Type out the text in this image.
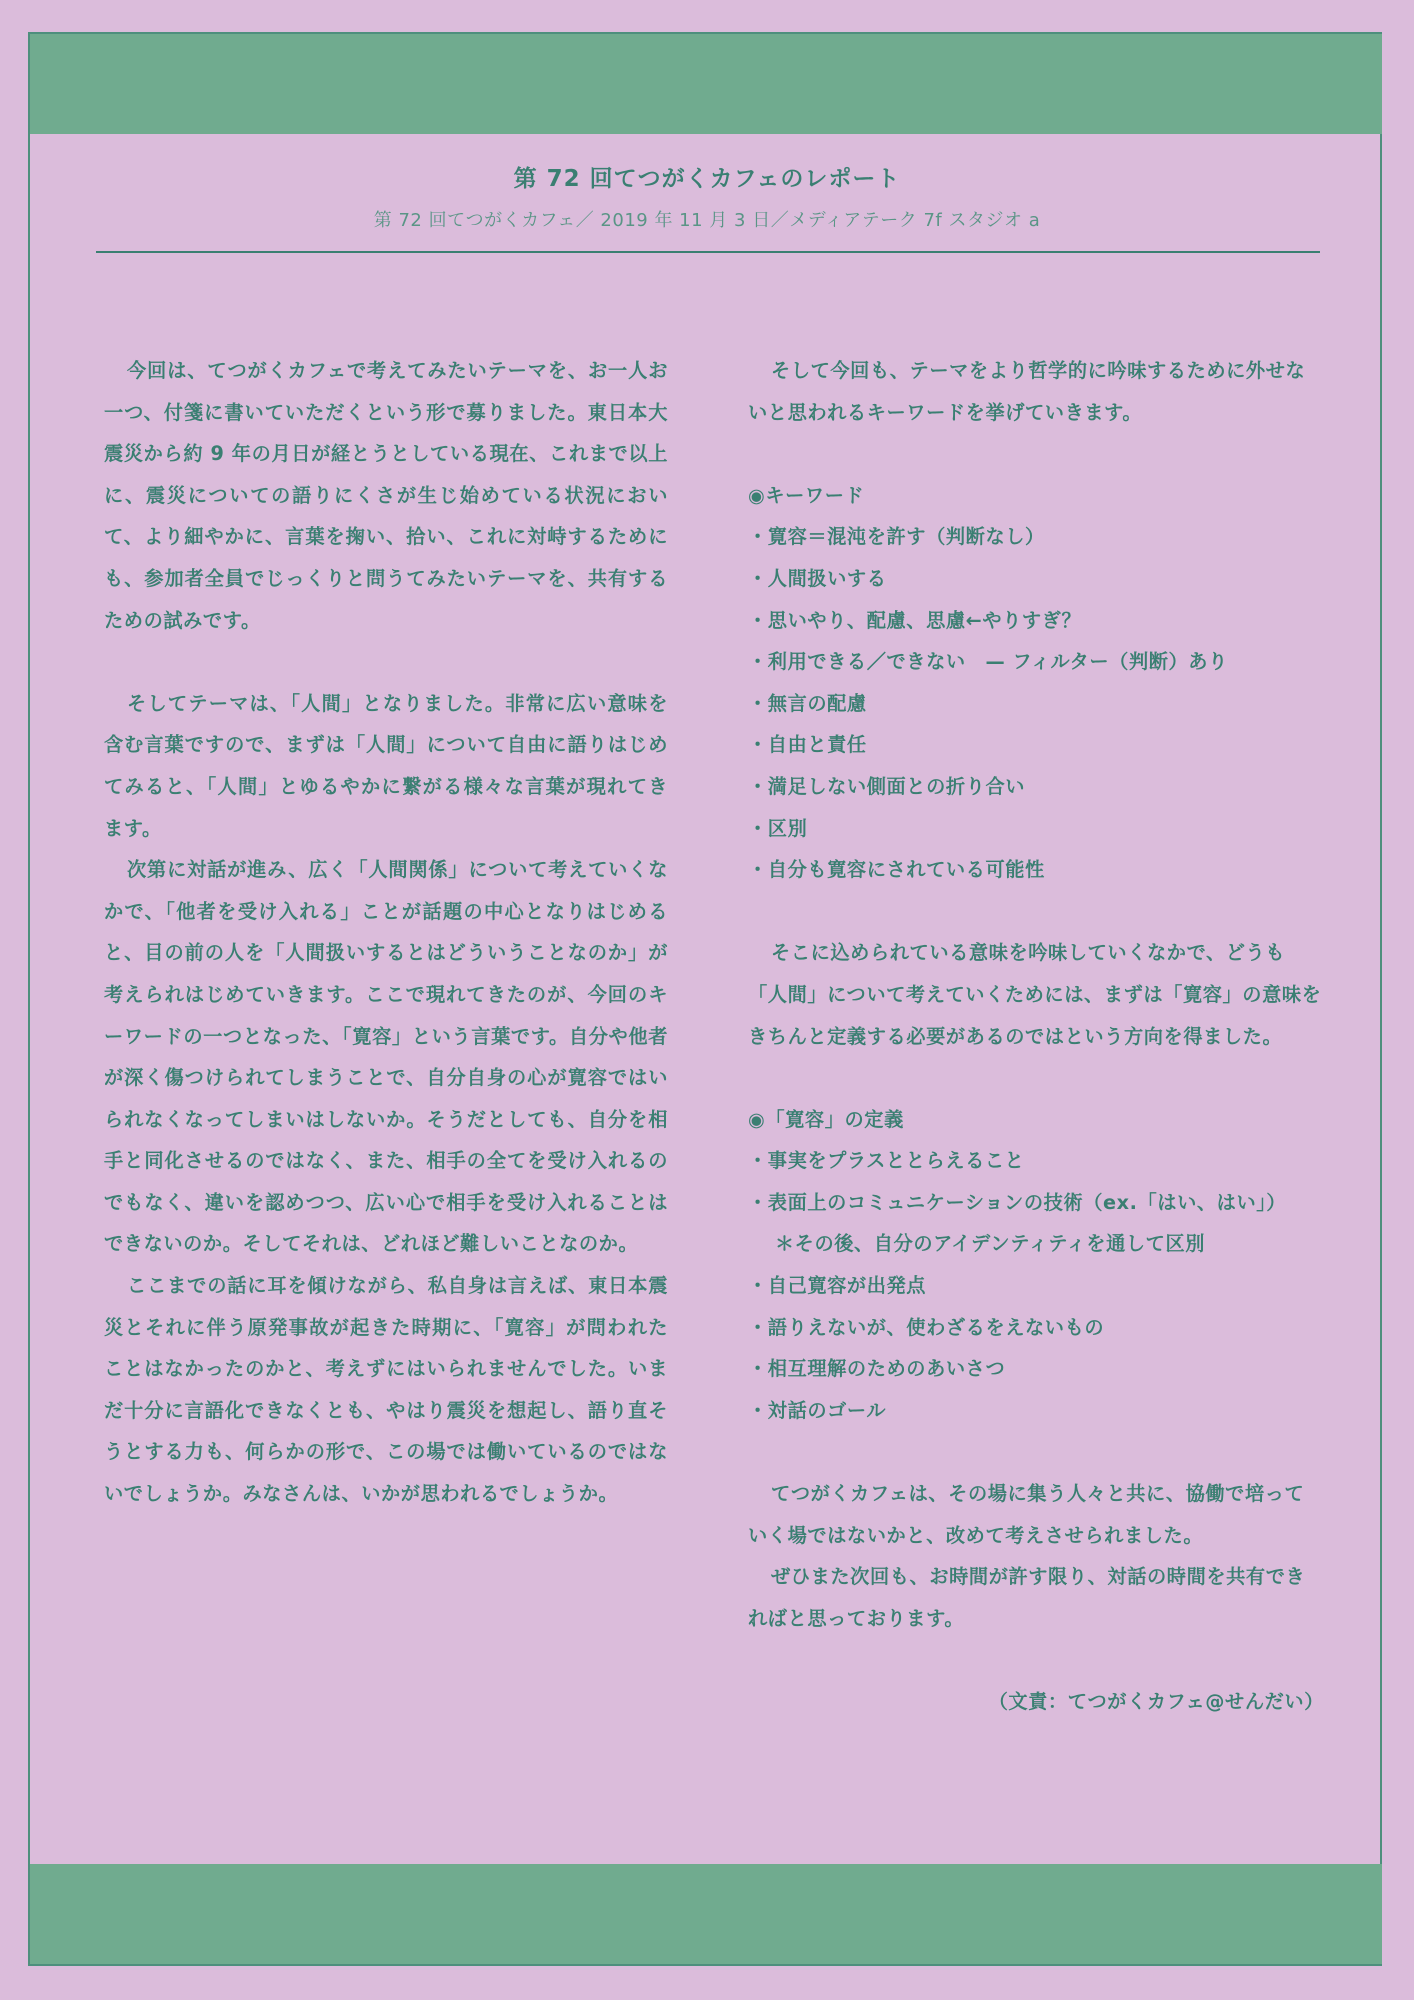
第 72 回てつがくカフェのレポート
第 72 回てつがくカフェ／ 2019 年 11 月 3 日／メディアテーク 7f スタジオ a

今回は、てつがくカフェで考えてみたいテーマを、お一人お一つ、付箋に書いていただくという形で募りました。東日本大震災から約 9 年の月日が経とうとしている現在、これまで以上に、震災についての語りにくさが生じ始めている状況において、より細やかに、言葉を掬い、拾い、これに対峙するためにも、参加者全員でじっくりと問うてみたいテーマを、共有するための試みです。

そしてテーマは、「人間」となりました。非常に広い意味を含む言葉ですので、まずは「人間」について自由に語りはじめてみると、「人間」とゆるやかに繋がる様々な言葉が現れてきます。

次第に対話が進み、広く「人間関係」について考えていくなかで、「他者を受け入れる」ことが話題の中心となりはじめると、目の前の人を「人間扱いするとはどういうことなのか」が考えられはじめていきます。ここで現れてきたのが、今回のキーワードの一つとなった、「寛容」という言葉です。自分や他者が深く傷つけられてしまうことで、自分自身の心が寛容ではいられなくなってしまいはしないか。そうだとしても、自分を相手と同化させるのではなく、また、相手の全てを受け入れるのでもなく、違いを認めつつ、広い心で相手を受け入れることはできないのか。そしてそれは、どれほど難しいことなのか。

ここまでの話に耳を傾けながら、私自身は言えば、東日本震災とそれに伴う原発事故が起きた時期に、「寛容」が問われたことはなかったのかと、考えずにはいられませんでした。いまだ十分に言語化できなくとも、やはり震災を想起し、語り直そうとする力も、何らかの形で、この場では働いているのではないでしょうか。みなさんは、いかが思われるでしょうか。

そして今回も、テーマをより哲学的に吟味するために外せないと思われるキーワードを挙げていきます。

◉キーワード

・寛容＝混沌を許す（判断なし）
・人間扱いする
・思いやり、配慮、思慮←やりすぎ？
・利用できる／できない　— フィルター（判断）あり
・無言の配慮
・自由と責任
・満足しない側面との折り合い
・区別
・自分も寛容にされている可能性

そこに込められている意味を吟味していくなかで、どうも「人間」について考えていくためには、まずは「寛容」の意味をきちんと定義する必要があるのではという方向を得ました。

◉「寛容」の定義

・事実をプラスととらえること
・表面上のコミュニケーションの技術（ex.「はい、はい」）
＊その後、自分のアイデンティティを通して区別
・自己寛容が出発点
・語りえないが、使わざるをえないもの
・相互理解のためのあいさつ
・対話のゴール

てつがくカフェは、その場に集う人々と共に、協働で培っていく場ではないかと、改めて考えさせられました。

ぜひまた次回も、お時間が許す限り、対話の時間を共有できればと思っております。

（文責：てつがくカフェ@せんだい）
